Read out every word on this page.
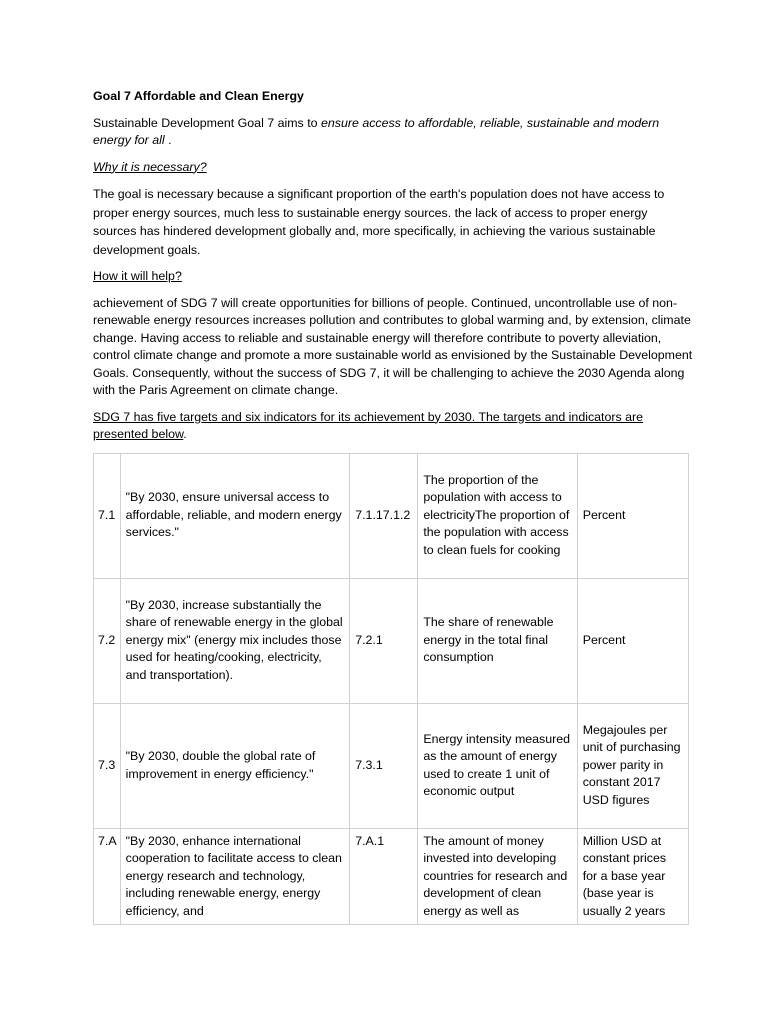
Goal 7 Affordable and Clean Energy

Sustainable Development Goal 7 aims to ensure access to affordable, reliable, sustainable and modern energy for all .

Why it is necessary?

The goal is necessary because a significant proportion of the earth's population does not have access to proper energy sources, much less to sustainable energy sources. the lack of access to proper energy sources has hindered development globally and, more specifically, in achieving the various sustainable development goals.

How it will help?

achievement of SDG 7 will create opportunities for billions of people. Continued, uncontrollable use of non-renewable energy resources increases pollution and contributes to global warming and, by extension, climate change. Having access to reliable and sustainable energy will therefore contribute to poverty alleviation, control climate change and promote a more sustainable world as envisioned by the Sustainable Development Goals. Consequently, without the success of SDG 7, it will be challenging to achieve the 2030 Agenda along with the Paris Agreement on climate change.

SDG 7 has five targets and six indicators for its achievement by 2030. The targets and indicators are presented below.

7.1	"By 2030, ensure universal access to affordable, reliable, and modern energy services."	7.1.17.1.2	The proportion of the population with access to electricityThe proportion of the population with access to clean fuels for cooking	Percent
7.2	"By 2030, increase substantially the share of renewable energy in the global energy mix" (energy mix includes those used for heating/cooking, electricity, and transportation).	7.2.1	The share of renewable energy in the total final consumption	Percent
7.3	"By 2030, double the global rate of improvement in energy efficiency."	7.3.1	Energy intensity measured as the amount of energy used to create 1 unit of economic output	Megajoules per unit of purchasing power parity in constant 2017 USD figures
7.A	"By 2030, enhance international cooperation to facilitate access to clean energy research and technology, including renewable energy, energy efficiency, and	7.A.1	The amount of money invested into developing countries for research and development of clean energy as well as	Million USD at constant prices for a base year (base year is usually 2 years
